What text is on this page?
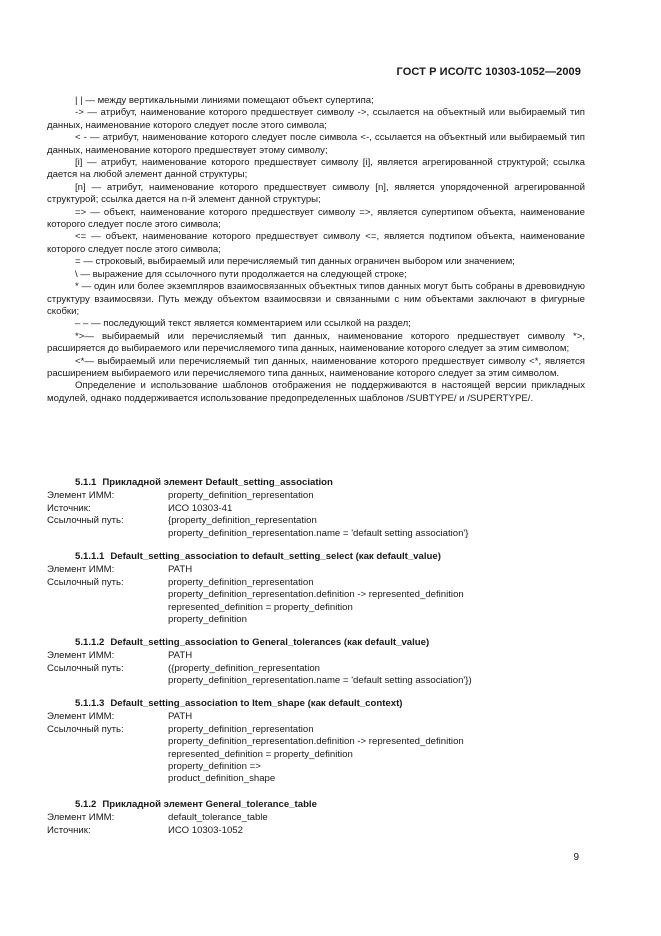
ГОСТ Р ИСО/ТС 10303-1052—2009

| | — между вертикальными линиями помещают объект супертипа;

-> — атрибут, наименование которого предшествует символу ->, ссылается на объектный или выбираемый тип данных, наименование которого следует после этого символа;

< - — атрибут, наименование которого следует после символа <-, ссылается на объектный или выбираемый тип данных, наименование которого предшествует этому символу;

[i] — атрибут, наименование которого предшествует символу [i], является агрегированной структурой; ссылка дается на любой элемент данной структуры;

[n] — атрибут, наименование которого предшествует символу [n], является упорядоченной агрегированной структурой; ссылка дается на n-й элемент данной структуры;

=> — объект, наименование которого предшествует символу =>, является супертипом объекта, наименование которого следует после этого символа;

<= — объект, наименование которого предшествует символу <=, является подтипом объекта, наименование которого следует после этого символа;

= — строковый, выбираемый или перечисляемый тип данных ограничен выбором или значением;

\ — выражение для ссылочного пути продолжается на следующей строке;

* — один или более экземпляров взаимосвязанных объектных типов данных могут быть собраны в древовидную структуру взаимосвязи. Путь между объектом взаимосвязи и связанными с ним объектами заключают в фигурные скобки;

– – — последующий текст является комментарием или ссылкой на раздел;

*>— выбираемый или перечисляемый тип данных, наименование которого предшествует символу *>, расширяется до выбираемого или перечисляемого типа данных, наименование которого следует за этим символом;

<*— выбираемый или перечисляемый тип данных, наименование которого предшествует символу <*, является расширением выбираемого или перечисляемого типа данных, наименование которого следует за этим символом.

Определение и использование шаблонов отображения не поддерживаются в настоящей версии прикладных модулей, однако поддерживается использование предопределенных шаблонов /SUBTYPE/ и /SUPERTYPE/.

5.1.1 Прикладной элемент Default_setting_association
Элемент ИММ:	property_definition_representation
Источник:	ИСО 10303-41
Ссылочный путь:	{property_definition_representation
property_definition_representation.name = 'default setting association'}
5.1.1.1 Default_setting_association to default_setting_select (как default_value)
Элемент ИММ:	PATH
Ссылочный путь:	property_definition_representation
property_definition_representation.definition -> represented_definition
represented_definition = property_definition
property_definition
5.1.1.2 Default_setting_association to General_tolerances (как default_value)
Элемент ИММ:	PATH
Ссылочный путь:	({property_definition_representation
property_definition_representation.name = 'default setting association'})
5.1.1.3 Default_setting_association to Item_shape (как default_context)
Элемент ИММ:	PATH
Ссылочный путь:	property_definition_representation
property_definition_representation.definition -> represented_definition
represented_definition = property_definition
property_definition =>
product_definition_shape
5.1.2 Прикладной элемент General_tolerance_table
Элемент ИММ:	default_tolerance_table
Источник:	ИСО 10303-1052
9
